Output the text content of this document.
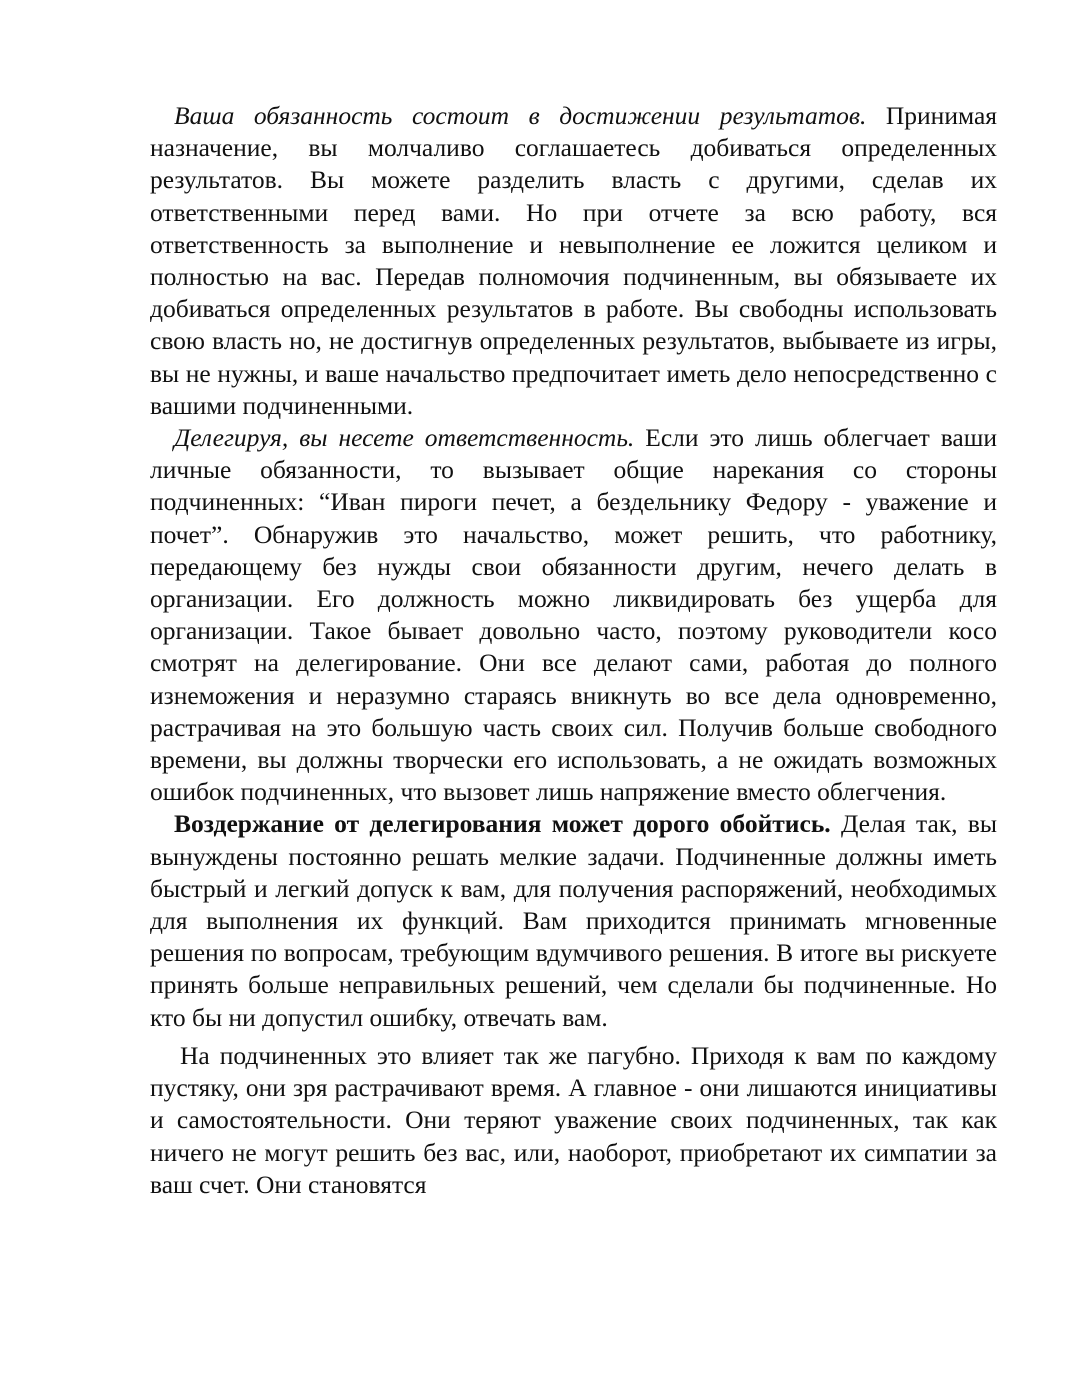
Ваша обязанность состоит в достижении результатов. Принимая назначение, вы молчаливо соглашаетесь добиваться определенных результатов. Вы можете разделить власть с другими, сделав их ответственными перед вами. Но при отчете за всю работу, вся ответственность за выполнение и невыполнение ее ложится целиком и полностью на вас. Передав полномочия подчиненным, вы обязываете их добиваться определенных результатов в работе. Вы свободны использовать свою власть но, не достигнув определенных результатов, выбываете из игры, вы не нужны, и ваше начальство предпочитает иметь дело непосредственно с вашими подчиненными.

Делегируя, вы несете ответственность. Если это лишь облегчает ваши личные обязанности, то вызывает общие нарекания со стороны подчиненных: “Иван пироги печет, а бездельнику Федору - уважение и почет”. Обнаружив это начальство, может решить, что работнику, передающему без нужды свои обязанности другим, нечего делать в организации. Его должность можно ликвидировать без ущерба для организации. Такое бывает довольно часто, поэтому руководители косо смотрят на делегирование. Они все делают сами, работая до полного изнеможения и неразумно стараясь вникнуть во все дела одновременно, растрачивая на это большую часть своих сил. Получив больше свободного времени, вы должны творчески его использовать, а не ожидать возможных ошибок подчиненных, что вызовет лишь напряжение вместо облегчения.

Воздержание от делегирования может дорого обойтись. Делая так, вы вынуждены постоянно решать мелкие задачи. Подчиненные должны иметь быстрый и легкий допуск к вам, для получения распоряжений, необходимых для выполнения их функций. Вам приходится принимать мгновенные решения по вопросам, требующим вдумчивого решения. В итоге вы рискуете принять больше неправильных решений, чем сделали бы подчиненные. Но кто бы ни допустил ошибку, отвечать вам.

На подчиненных это влияет так же пагубно. Приходя к вам по каждому пустяку, они зря растрачивают время. А главное - они лишаются инициативы и самостоятельности. Они теряют уважение своих подчиненных, так как ничего не могут решить без вас, или, наоборот, приобретают их симпатии за ваш счет. Они становятся
